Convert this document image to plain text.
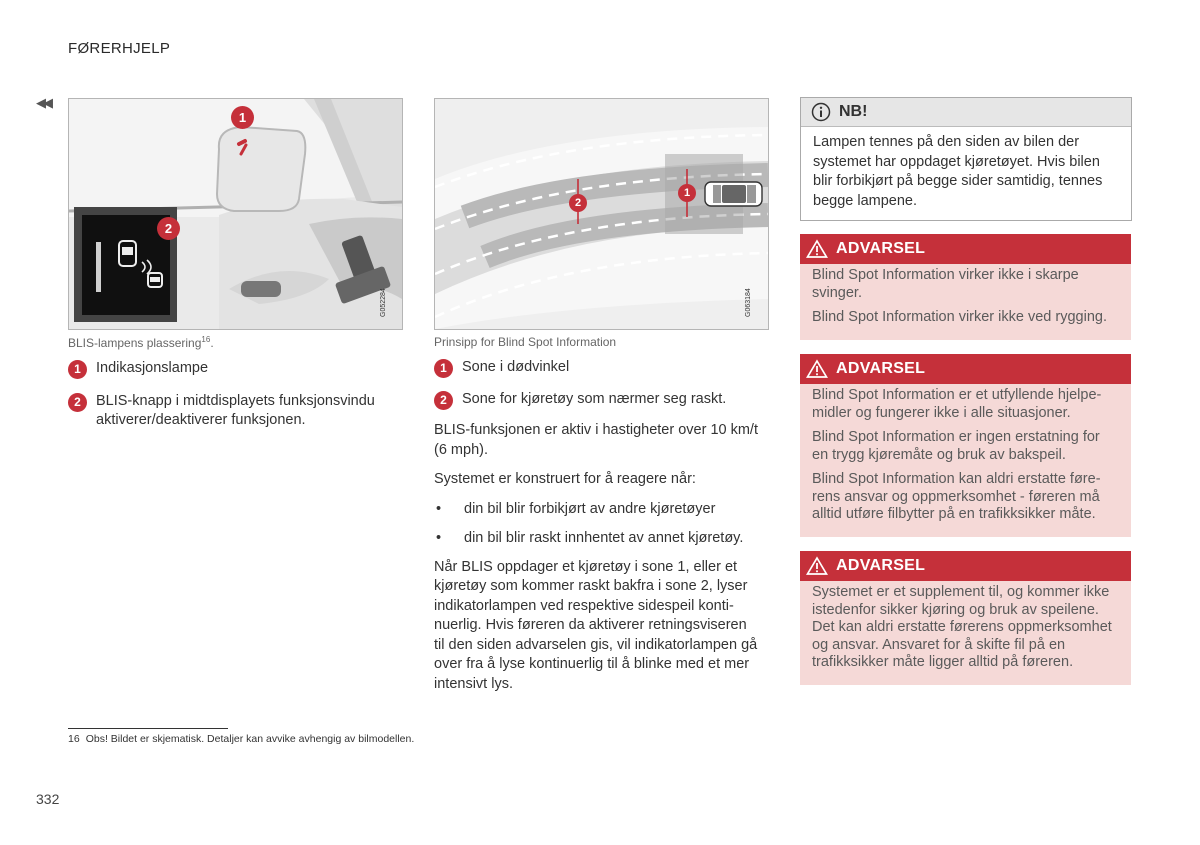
FØRERHJELP
◀◀
G052284
1
2
BLIS-lampens plassering$^{16}$.
1	Indikasjonslampe
2	BLIS-knapp i midtdisplayets funksjonsvindu aktiverer/deaktiverer funksjonen.
G063184
1
2
Prinsipp for Blind Spot Information
1	Sone i dødvinkel
2	Sone for kjøretøy som nærmer seg raskt.

BLIS-funksjonen er aktiv i hastigheter over 10 km/t (6 mph).

Systemet er konstruert for å reagere når:

•	din bil blir forbikjørt av andre kjøretøyer
•	din bil blir raskt innhentet av annet kjøretøy.

Når BLIS oppdager et kjøretøy i sone 1, eller et kjøretøy som kommer raskt bakfra i sone 2, lyser indikatorlampen ved respektive sidespeil kontinuerlig. Hvis føreren da aktiverer retningsviseren til den siden advarselen gis, vil indikatorlampen gå over fra å lyse kontinuerlig til å blinke med et mer intensivt lys.

NB!
Lampen tennes på den siden av bilen der systemet har oppdaget kjøretøyet. Hvis bilen blir forbikjørt på begge sider samtidig, tennes begge lampene.
ADVARSEL

Blind Spot Information virker ikke i skarpe svinger.

Blind Spot Information virker ikke ved rygging.

ADVARSEL

Blind Spot Information er et utfyllende hjelpemidler og fungerer ikke i alle situasjoner.

Blind Spot Information er ingen erstatning for en trygg kjøremåte og bruk av bakspeil.

Blind Spot Information kan aldri erstatte førerens ansvar og oppmerksomhet - føreren må alltid utføre filbytter på en trafikksikker måte.

ADVARSEL

Systemet er et supplement til, og kommer ikke istedenfor sikker kjøring og bruk av speilene. Det kan aldri erstatte førerens oppmerksomhet og ansvar. Ansvaret for å skifte fil på en trafikksikker måte ligger alltid på føreren.

16 Obs! Bildet er skjematisk. Detaljer kan avvike avhengig av bilmodellen.
332
